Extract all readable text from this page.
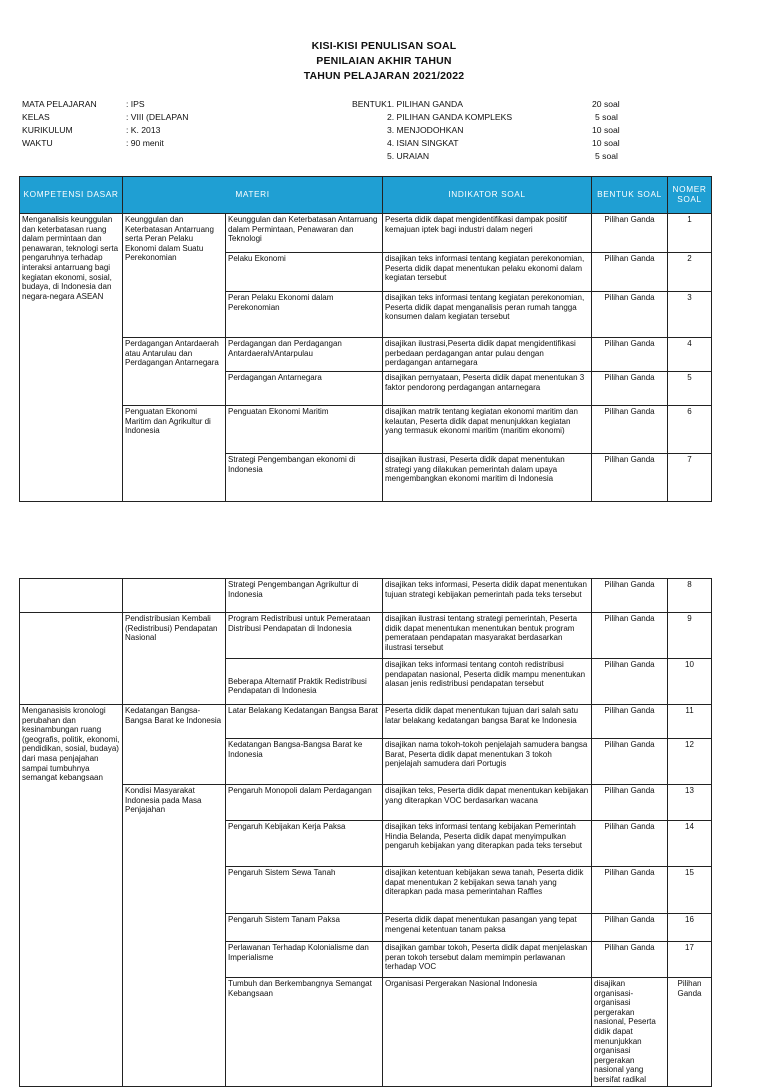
KISI-KISI PENULISAN SOAL
PENILAIAN AKHIR TAHUN
TAHUN PELAJARAN 2021/2022
MATA PELAJARAN	: IPS
KELAS	: VIII (DELAPAN
KURIKULUM	: K. 2013
WAKTU	: 90 menit
BENTUK 1. PILIHAN GANDA	20 soal
2. PILIHAN GANDA KOMPLEKS	5 soal
3. MENJODOHKAN	10 soal
4. ISIAN SINGKAT	10 soal
5. URAIAN	5 soal
KOMPETENSI DASAR	MATERI		INDIKATOR SOAL	BENTUK SOAL	NOMER SOAL
Menganalisis keunggulan dan keterbatasan ruang dalam permintaan dan penawaran, teknologi serta pengaruhnya terhadap interaksi antarruang bagi kegiatan ekonomi, sosial, budaya, di Indonesia dan negara-negara ASEAN	Keunggulan dan Keterbatasan Antarruang serta Peran Pelaku Ekonomi dalam Suatu Perekonomian	Keunggulan dan Keterbatasan Antarruang dalam Permintaan, Penawaran dan Teknologi	Peserta didik dapat mengidentifikasi dampak positif kemajuan iptek bagi industri dalam negeri	Pilihan Ganda	1
		Pelaku Ekonomi	disajikan teks informasi tentang kegiatan perekonomian, Peserta didik dapat menentukan pelaku ekonomi dalam kegiatan tersebut	Pilihan Ganda	2
		Peran Pelaku Ekonomi dalam Perekonomian	disajikan teks informasi tentang kegiatan perekonomian, Peserta didik dapat menganalisis peran rumah tangga konsumen dalam kegiatan tersebut	Pilihan Ganda	3
	Perdagangan Antardaerah atau Antarulau dan Perdagangan Antarnegara	Perdagangan dan Perdagangan Antardaerah/Antarpulau	disajikan ilustrasi,Peserta didik dapat mengidentifikasi perbedaan perdagangan antar pulau dengan perdagangan antarnegara	Pilihan Ganda	4
		Perdagangan Antarnegara	disajikan pernyataan, Peserta didik dapat menentukan 3 faktor pendorong perdagangan antarnegara	Pilihan Ganda	5
	Penguatan Ekonomi Maritim dan Agrikultur di Indonesia	Penguatan Ekonomi Maritim	disajikan matrik tentang kegiatan ekonomi maritim dan kelautan, Peserta didik dapat menunjukkan kegiatan yang termasuk ekonomi maritim (maritim ekonomi)	Pilihan Ganda	6
		Strategi Pengembangan ekonomi di Indonesia	disajikan ilustrasi, Peserta didik dapat menentukan strategi yang dilakukan pemerintah dalam upaya mengembangkan ekonomi maritim di Indonesia	Pilihan Ganda	7
		Strategi Pengembangan Agrikultur di Indonesia	disajikan teks informasi, Peserta didik dapat menentukan tujuan strategi kebijakan pemerintah pada teks tersebut	Pilihan Ganda	8	
	Pendistribusian Kembali (Redistribusi) Pendapatan Nasional	Program Redistribusi untuk Pemerataan Distribusi Pendapatan di Indonesia	disajikan ilustrasi tentang strategi pemerintah, Peserta didik dapat menentukan menentukan bentuk program pemerataan pendapatan masyarakat berdasarkan ilustrasi tersebut	Pilihan Ganda	9	
		Beberapa Alternatif Praktik Redistribusi Pendapatan di Indonesia	disajikan teks informasi tentang contoh redistribusi pendapatan nasional, Peserta didik mampu menentukan alasan jenis redistribusi pendapatan tersebut	Pilihan Ganda	10	
Menganasisis kronologi perubahan dan kesinambungan ruang (geografis, politik, ekonomi, pendidikan, sosial, budaya) dari masa penjajahan sampai tumbuhnya semangat kebangsaan	Kedatangan Bangsa-Bangsa Barat ke Indonesia	Latar Belakang Kedatangan Bangsa Barat	Peserta didik dapat menentukan tujuan dari salah satu latar belakang kedatangan bangsa Barat ke Indonesia	Pilihan Ganda	11	
		Kedatangan Bangsa-Bangsa Barat ke Indonesia	disajikan nama tokoh-tokoh penjelajah samudera bangsa Barat, Peserta didik dapat menentukan 3 tokoh penjelajah samudera dari Portugis	Pilihan Ganda	12	
	Kondisi Masyarakat Indonesia pada Masa Penjajahan	Pengaruh Monopoli dalam Perdagangan	disajikan teks, Peserta didik dapat menentukan kebijakan yang diterapkan VOC berdasarkan wacana	Pilihan Ganda	13	
		Pengaruh Kebijakan Kerja Paksa	disajikan teks informasi tentang kebijakan Pemerintah Hindia Belanda, Peserta didik dapat menyimpulkan pengaruh kebijakan yang diterapkan pada teks tersebut	Pilihan Ganda	14	
		Pengaruh Sistem Sewa Tanah	disajikan ketentuan kebijakan sewa tanah, Peserta didik dapat menentukan 2 kebijakan sewa tanah yang diterapkan pada masa pemerintahan Raffles	Pilihan Ganda	15	
		Pengaruh Sistem Tanam Paksa	Peserta didik dapat menentukan pasangan yang tepat mengenai ketentuan tanam paksa	Pilihan Ganda	16	
		Perlawanan Terhadap Kolonialisme dan Imperialisme	disajikan gambar tokoh, Peserta didik dapat menjelaskan peran tokoh tersebut dalam memimpin perlawanan terhadap VOC	Pilihan Ganda	17	
		Tumbuh dan Berkembangnya Semangat Kebangsaan	Organisasi Pergerakan Nasional Indonesia	disajikan organisasi-organisasi pergerakan nasional, Peserta didik dapat menunjukkan organisasi pergerakan nasional yang bersifat radikal	Pilihan Ganda	
